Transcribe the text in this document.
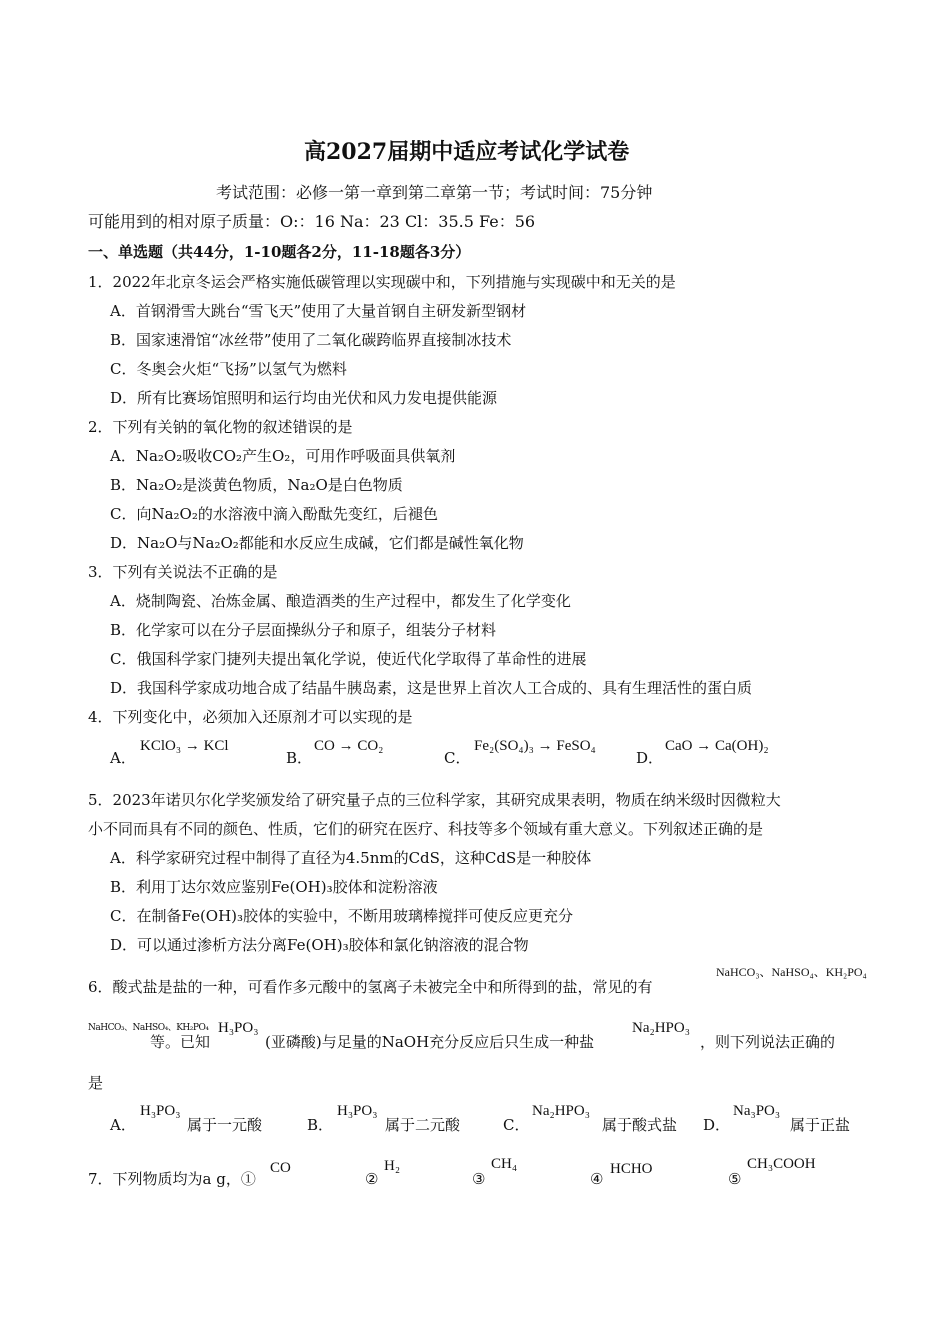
高2027届期中适应考试化学试卷
考试范围：必修一第一章到第二章第一节；考试时间：75分钟
可能用到的相对原子质量：O:：16 Na：23 Cl：35.5 Fe：56
一、单选题（共44分，1-10题各2分，11-18题各3分）
1．2022年北京冬运会严格实施低碳管理以实现碳中和，下列措施与实现碳中和无关的是
A．首钢滑雪大跳台“雪飞天”使用了大量首钢自主研发新型钢材
B．国家速滑馆“冰丝带”使用了二氧化碳跨临界直接制冰技术
C．冬奥会火炬“飞扬”以氢气为燃料
D．所有比赛场馆照明和运行均由光伏和风力发电提供能源
2．下列有关钠的氧化物的叙述错误的是
A．Na₂O₂吸收CO₂产生O₂，可用作呼吸面具供氧剂
B．Na₂O₂是淡黄色物质，Na₂O是白色物质
C．向Na₂O₂的水溶液中滴入酚酞先变红，后褪色
D．Na₂O与Na₂O₂都能和水反应生成碱，它们都是碱性氧化物
3．下列有关说法不正确的是
A．烧制陶瓷、冶炼金属、酿造酒类的生产过程中，都发生了化学变化
B．化学家可以在分子层面操纵分子和原子，组装分子材料
C．俄国科学家门捷列夫提出氧化学说，使近代化学取得了革命性的进展
D．我国科学家成功地合成了结晶牛胰岛素，这是世界上首次人工合成的、具有生理活性的蛋白质
4．下列变化中，必须加入还原剂才可以实现的是
A．
KClO₃ → KCl
B．
CO → CO₂
C．
Fe₂(SO₄)₃ → FeSO₄
D．
CaO → Ca(OH)₂
5．2023年诺贝尔化学奖颁发给了研究量子点的三位科学家，其研究成果表明，物质在纳米级时因微粒大
小不同而具有不同的颜色、性质，它们的研究在医疗、科技等多个领域有重大意义。下列叙述正确的是
A．科学家研究过程中制得了直径为4.5nm的CdS，这种CdS是一种胶体
B．利用丁达尔效应鉴别Fe(OH)₃胶体和淀粉溶液
C．在制备Fe(OH)₃胶体的实验中，不断用玻璃棒搅拌可使反应更充分
D．可以通过渗析方法分离Fe(OH)₃胶体和氯化钠溶液的混合物
6．酸式盐是盐的一种，可看作多元酸中的氢离子未被完全中和所得到的盐，常见的有
NaHCO₃、NaHSO₄、KH₂PO₄
NaHCO₃、NaHSO₄、KH₂PO₄
等。已知
H₃PO₃
(亚磷酸)与足量的NaOH充分反应后只生成一种盐
Na₂HPO₃
，则下列说法正确的
是
A．
H₃PO₃
属于一元酸	B．
H₃PO₃
属于二元酸	C．
Na₂HPO₃
属于酸式盐 D．
Na₃PO₃
属于正盐
7．下列物质均为a g，①
CO
②
H₂
③
CH₄
④
HCHO
⑤
CH₃COOH
